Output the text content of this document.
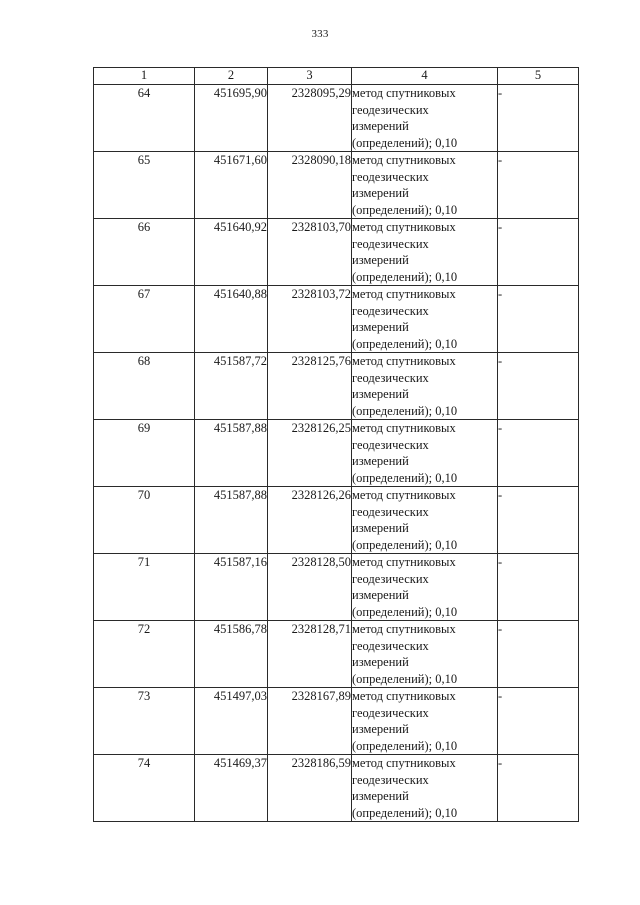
333
1	2	3	4	5
64	451695,90	2328095,29	метод спутниковых
геодезических
измерений
(определений); 0,10	-
65	451671,60	2328090,18	метод спутниковых
геодезических
измерений
(определений); 0,10	-
66	451640,92	2328103,70	метод спутниковых
геодезических
измерений
(определений); 0,10	-
67	451640,88	2328103,72	метод спутниковых
геодезических
измерений
(определений); 0,10	-
68	451587,72	2328125,76	метод спутниковых
геодезических
измерений
(определений); 0,10	-
69	451587,88	2328126,25	метод спутниковых
геодезических
измерений
(определений); 0,10	-
70	451587,88	2328126,26	метод спутниковых
геодезических
измерений
(определений); 0,10	-
71	451587,16	2328128,50	метод спутниковых
геодезических
измерений
(определений); 0,10	-
72	451586,78	2328128,71	метод спутниковых
геодезических
измерений
(определений); 0,10	-
73	451497,03	2328167,89	метод спутниковых
геодезических
измерений
(определений); 0,10	-
74	451469,37	2328186,59	метод спутниковых
геодезических
измерений
(определений); 0,10	-
